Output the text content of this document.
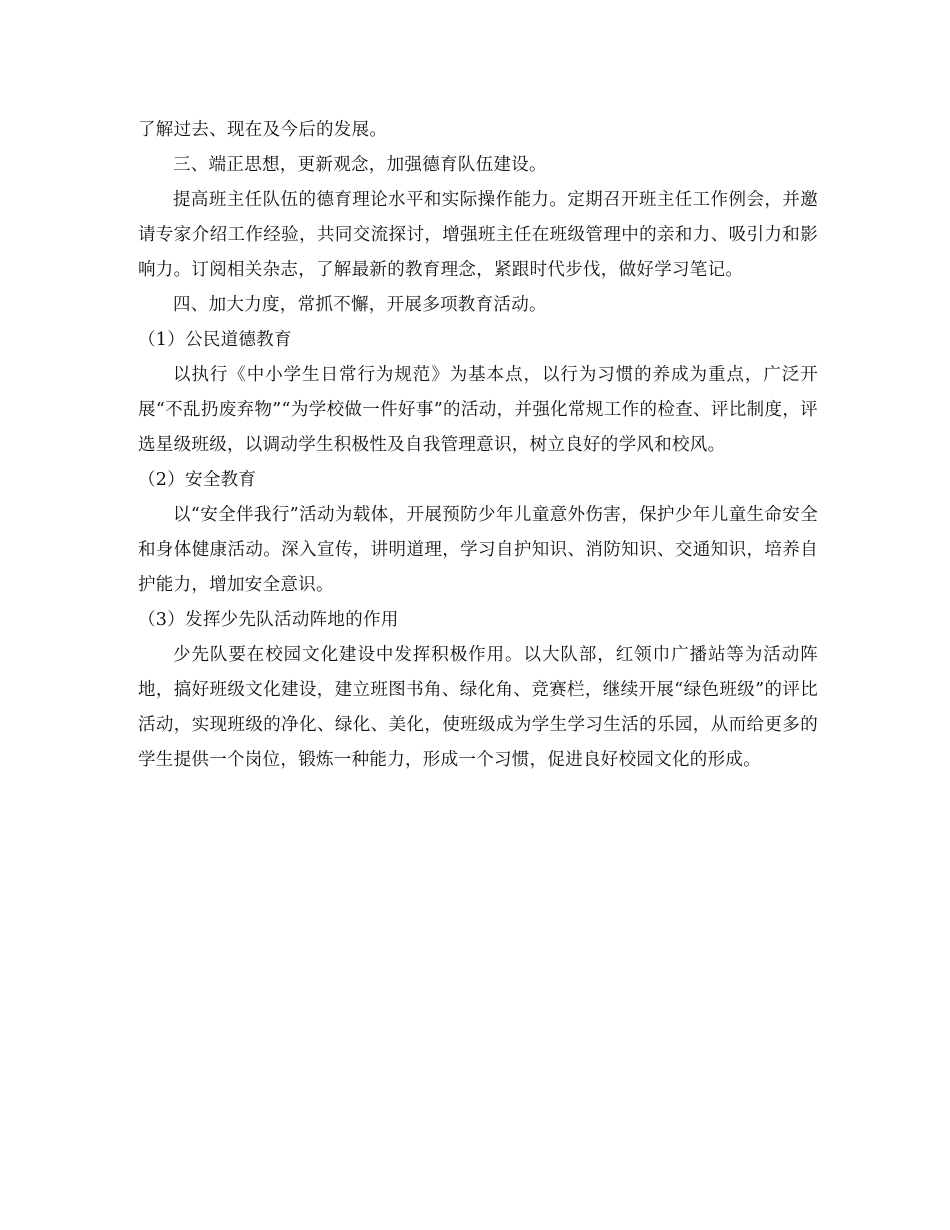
了解过去、现在及今后的发展。

三、端正思想，更新观念，加强德育队伍建设。

提高班主任队伍的德育理论水平和实际操作能力。定期召开班主任工作例会，并邀请专家介绍工作经验，共同交流探讨，增强班主任在班级管理中的亲和力、吸引力和影响力。订阅相关杂志，了解最新的教育理念，紧跟时代步伐，做好学习笔记。

四、加大力度，常抓不懈，开展多项教育活动。

（1）公民道德教育

以执行《中小学生日常行为规范》为基本点，以行为习惯的养成为重点，广泛开展“不乱扔废弃物”“为学校做一件好事”的活动，并强化常规工作的检查、评比制度，评选星级班级，以调动学生积极性及自我管理意识，树立良好的学风和校风。

（2）安全教育

以“安全伴我行”活动为载体，开展预防少年儿童意外伤害，保护少年儿童生命安全和身体健康活动。深入宣传，讲明道理，学习自护知识、消防知识、交通知识，培养自护能力，增加安全意识。

（3）发挥少先队活动阵地的作用

少先队要在校园文化建设中发挥积极作用。以大队部，红领巾广播站等为活动阵地，搞好班级文化建设，建立班图书角、绿化角、竞赛栏，继续开展“绿色班级”的评比活动，实现班级的净化、绿化、美化，使班级成为学生学习生活的乐园，从而给更多的学生提供一个岗位，锻炼一种能力，形成一个习惯，促进良好校园文化的形成。
